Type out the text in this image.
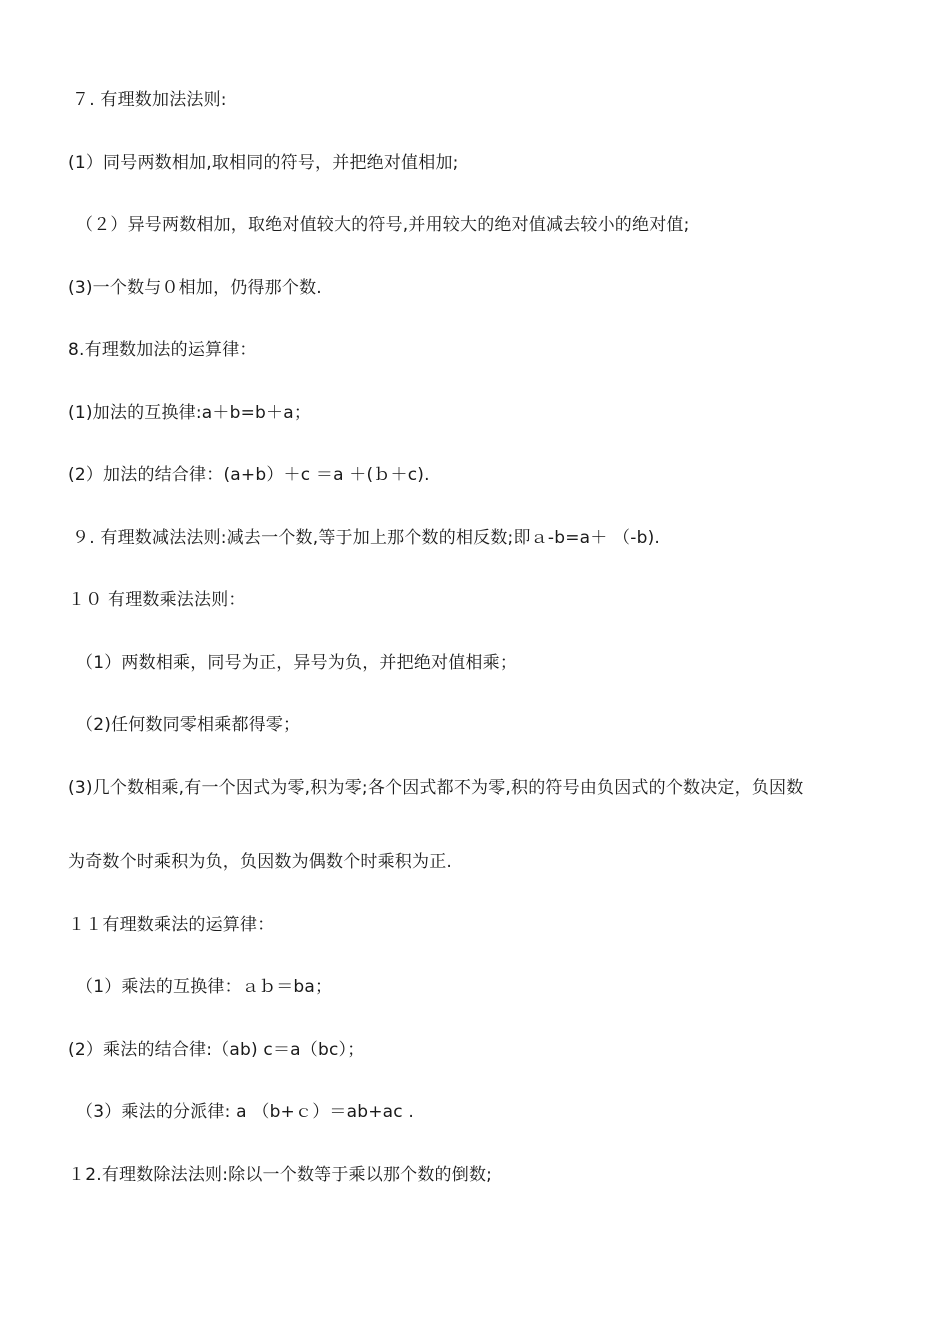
７. 有理数加法法则:
(1）同号两数相加,取相同的符号，并把绝对值相加;
（２）异号两数相加，取绝对值较大的符号,并用较大的绝对值减去较小的绝对值;
(3)一个数与０相加，仍得那个数.
8.有理数加法的运算律：
(1)加法的互换律:a＋b=b＋a；
(2）加法的结合律：(a+b）＋c ＝a ＋(ｂ＋c).
９. 有理数减法法则:减去一个数,等于加上那个数的相反数;即ａ-b=a＋ （-b).
１０ 有理数乘法法则：
（1）两数相乘，同号为正，异号为负，并把绝对值相乘；
（2)任何数同零相乘都得零；
(3)几个数相乘,有一个因式为零,积为零;各个因式都不为零,积的符号由负因式的个数决定，负因数
为奇数个时乘积为负，负因数为偶数个时乘积为正.
１１有理数乘法的运算律：
（1）乘法的互换律：ａｂ＝ba；
(2）乘法的结合律:（ab) c＝a（bc）；
（3）乘法的分派律: a （b+ｃ）＝ab+ac .
１2.有理数除法法则:除以一个数等于乘以那个数的倒数;
